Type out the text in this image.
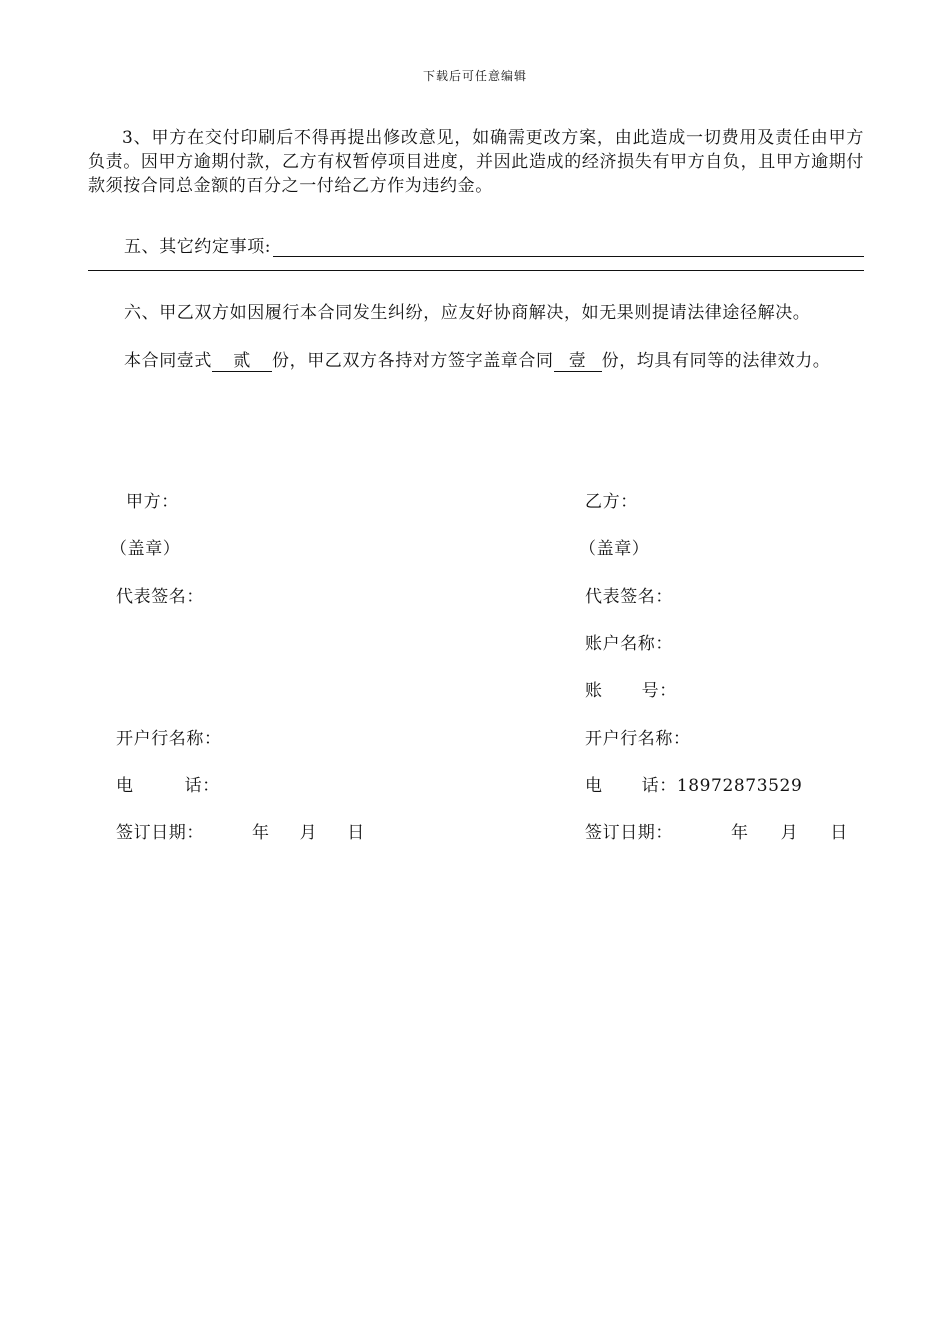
下载后可任意编辑
3、甲方在交付印刷后不得再提出修改意见，如确需更改方案，由此造成一切费用及责任由甲方负责。因甲方逾期付款，乙方有权暂停项目进度，并因此造成的经济损失有甲方自负，且甲方逾期付款须按合同总金额的百分之一付给乙方作为违约金。
五、其它约定事项:
六、甲乙双方如因履行本合同发生纠纷，应友好协商解决，如无果则提请法律途径解决。
本合同壹式 贰 份，甲乙双方各持对方签字盖章合同 壹 份，均具有同等的法律效力。
甲方：
（盖章）
代表签名：
开户行名称：
电	话：
签订日期：	年 月 日
乙方：
（盖章）
代表签名：
账户名称：
账 号：
开户行名称：
电 话：18972873529
签订日期：	年 月 日
